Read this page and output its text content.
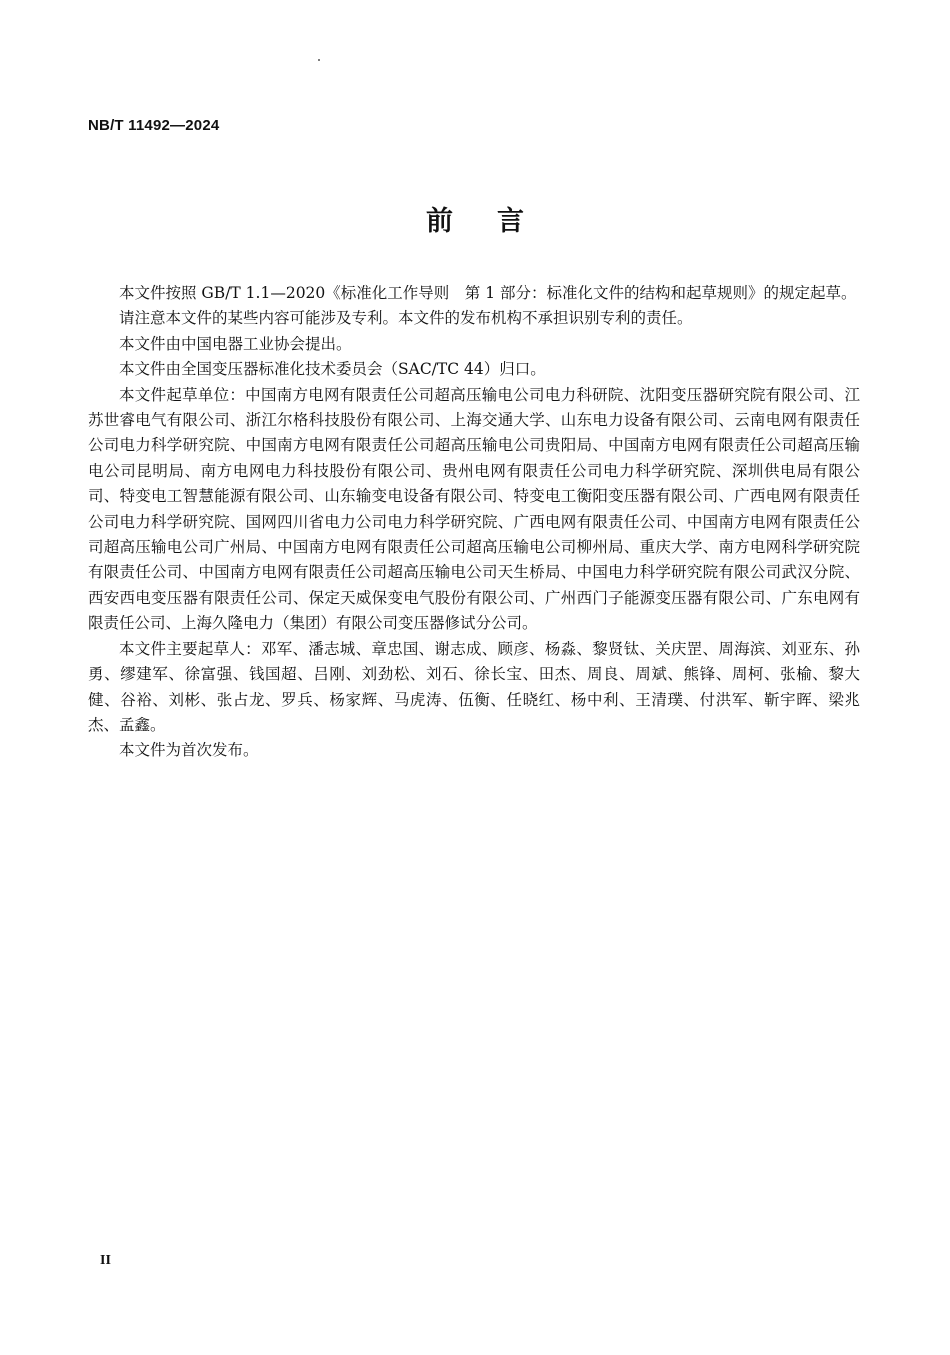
NB/T 11492—2024
前言

本文件按照 GB/T 1.1—2020《标准化工作导则　第 1 部分：标准化文件的结构和起草规则》的规定起草。

请注意本文件的某些内容可能涉及专利。本文件的发布机构不承担识别专利的责任。

本文件由中国电器工业协会提出。

本文件由全国变压器标准化技术委员会（SAC/TC 44）归口。

本文件起草单位：中国南方电网有限责任公司超高压输电公司电力科研院、沈阳变压器研究院有限公司、江苏世睿电气有限公司、浙江尔格科技股份有限公司、上海交通大学、山东电力设备有限公司、云南电网有限责任公司电力科学研究院、中国南方电网有限责任公司超高压输电公司贵阳局、中国南方电网有限责任公司超高压输电公司昆明局、南方电网电力科技股份有限公司、贵州电网有限责任公司电力科学研究院、深圳供电局有限公司、特变电工智慧能源有限公司、山东输变电设备有限公司、特变电工衡阳变压器有限公司、广西电网有限责任公司电力科学研究院、国网四川省电力公司电力科学研究院、广西电网有限责任公司、中国南方电网有限责任公司超高压输电公司广州局、中国南方电网有限责任公司超高压输电公司柳州局、重庆大学、南方电网科学研究院有限责任公司、中国南方电网有限责任公司超高压输电公司天生桥局、中国电力科学研究院有限公司武汉分院、西安西电变压器有限责任公司、保定天威保变电气股份有限公司、广州西门子能源变压器有限公司、广东电网有限责任公司、上海久隆电力（集团）有限公司变压器修试分公司。

本文件主要起草人：邓军、潘志城、章忠国、谢志成、顾彦、杨淼、黎贤钛、关庆罡、周海滨、刘亚东、孙勇、缪建军、徐富强、钱国超、吕刚、刘劲松、刘石、徐长宝、田杰、周良、周斌、熊锋、周柯、张榆、黎大健、谷裕、刘彬、张占龙、罗兵、杨家辉、马虎涛、伍衡、任晓红、杨中利、王清璞、付洪军、靳宇晖、梁兆杰、孟鑫。

本文件为首次发布。

II
